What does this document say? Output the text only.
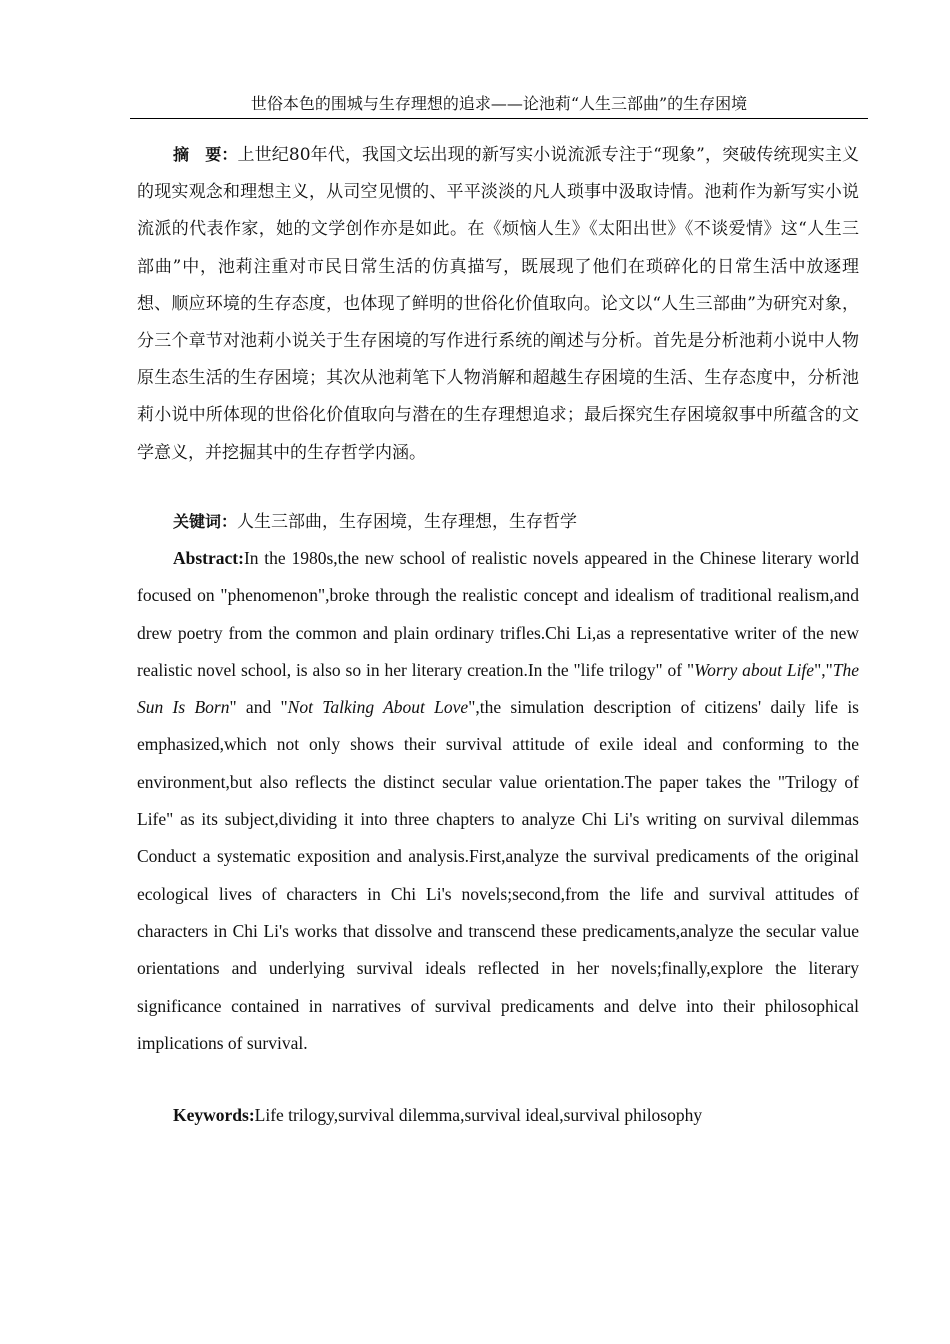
世俗本色的围城与生存理想的追求——论池莉“人生三部曲”的生存困境

摘　要：上世纪80年代，我国文坛出现的新写实小说流派专注于“现象”，突破传统现实主义的现实观念和理想主义，从司空见惯的、平平淡淡的凡人琐事中汲取诗情。池莉作为新写实小说流派的代表作家，她的文学创作亦是如此。在《烦恼人生》《太阳出世》《不谈爱情》这“人生三部曲”中，池莉注重对市民日常生活的仿真描写，既展现了他们在琐碎化的日常生活中放逐理想、顺应环境的生存态度，也体现了鲜明的世俗化价值取向。论文以“人生三部曲”为研究对象，分三个章节对池莉小说关于生存困境的写作进行系统的阐述与分析。首先是分析池莉小说中人物原生态生活的生存困境；其次从池莉笔下人物消解和超越生存困境的生活、生存态度中，分析池莉小说中所体现的世俗化价值取向与潜在的生存理想追求；最后探究生存困境叙事中所蕴含的文学意义，并挖掘其中的生存哲学内涵。

关键词：人生三部曲，生存困境，生存理想，生存哲学

Abstract:In the 1980s,the new school of realistic novels appeared in the Chinese literary world focused on "phenomenon",broke through the realistic concept and idealism of traditional realism,and drew poetry from the common and plain ordinary trifles.Chi Li,as a representative writer of the new realistic novel school, is also so in her literary creation.In the "life trilogy" of "Worry about Life","The Sun Is Born" and "Not Talking About Love",the simulation description of citizens' daily life is emphasized,which not only shows their survival attitude of exile ideal and conforming to the environment,but also reflects the distinct secular value orientation.The paper takes the "Trilogy of Life" as its subject,dividing it into three chapters to analyze Chi Li's writing on survival dilemmas Conduct a systematic exposition and analysis.First,analyze the survival predicaments of the original ecological lives of characters in Chi Li's novels;second,from the life and survival attitudes of characters in Chi Li's works that dissolve and transcend these predicaments,analyze the secular value orientations and underlying survival ideals reflected in her novels;finally,explore the literary significance contained in narratives of survival predicaments and delve into their philosophical implications of survival.

Keywords:Life trilogy,survival dilemma,survival ideal,survival philosophy
